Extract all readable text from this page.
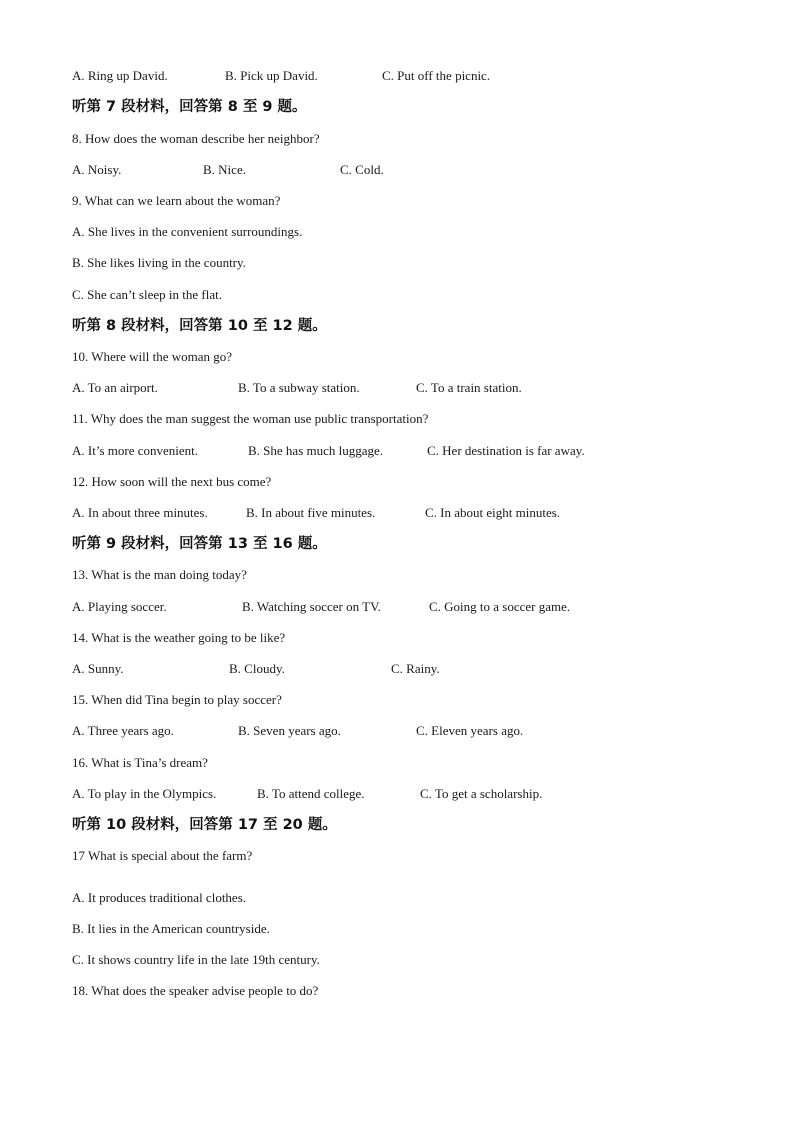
A. Ring up David.	B. Pick up David.	C. Put off the picnic.
听第 7 段材料，回答第 8 至 9 题。
8. How does the woman describe her neighbor?
A. Noisy.	B. Nice.	C. Cold.
9. What can we learn about the woman?
A. She lives in the convenient surroundings.
B. She likes living in the country.
C. She can’t sleep in the flat.
听第 8 段材料，回答第 10 至 12 题。
10. Where will the woman go?
A. To an airport.	B. To a subway station.	C. To a train station.
11. Why does the man suggest the woman use public transportation?
A. It’s more convenient.	B. She has much luggage.	C. Her destination is far away.
12. How soon will the next bus come?
A. In about three minutes.	B. In about five minutes.	C. In about eight minutes.
听第 9 段材料，回答第 13 至 16 题。
13. What is the man doing today?
A. Playing soccer.	B. Watching soccer on TV.	C. Going to a soccer game.
14. What is the weather going to be like?
A. Sunny.	B. Cloudy.	C. Rainy.
15. When did Tina begin to play soccer?
A. Three years ago.	B. Seven years ago.	C. Eleven years ago.
16. What is Tina’s dream?
A. To play in the Olympics.	B. To attend college.	C. To get a scholarship.
听第 10 段材料，回答第 17 至 20 题。
17 What is special about the farm?
A. It produces traditional clothes.
B. It lies in the American countryside.
C. It shows country life in the late 19th century.
18. What does the speaker advise people to do?
